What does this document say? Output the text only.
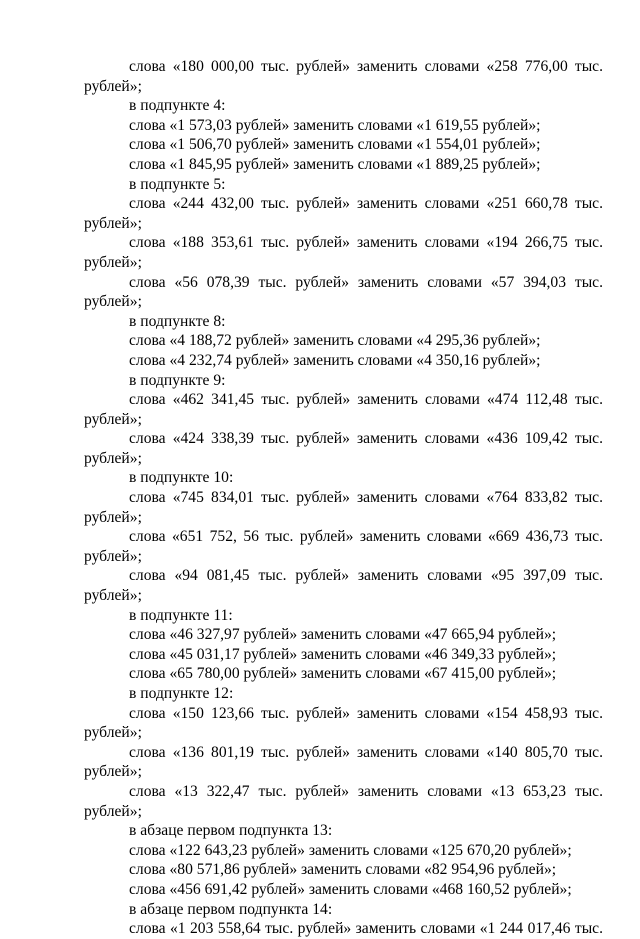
слова «180 000,00 тыс. рублей» заменить словами «258 776,00 тыс.
рублей»;
в подпункте 4:
слова «1 573,03 рублей» заменить словами «1 619,55 рублей»;
слова «1 506,70 рублей» заменить словами «1 554,01 рублей»;
слова «1 845,95 рублей» заменить словами «1 889,25 рублей»;
в подпункте 5:
слова «244 432,00 тыс. рублей» заменить словами «251 660,78 тыс.
рублей»;
слова «188 353,61 тыс. рублей» заменить словами «194 266,75 тыс.
рублей»;
слова «56 078,39 тыс. рублей» заменить словами «57 394,03 тыс.
рублей»;
в подпункте 8:
слова «4 188,72 рублей» заменить словами «4 295,36 рублей»;
слова «4 232,74 рублей» заменить словами «4 350,16 рублей»;
в подпункте 9:
слова «462 341,45 тыс. рублей» заменить словами «474 112,48 тыс.
рублей»;
слова «424 338,39 тыс. рублей» заменить словами «436 109,42 тыс.
рублей»;
в подпункте 10:
слова «745 834,01 тыс. рублей» заменить словами «764 833,82 тыс.
рублей»;
слова «651 752, 56 тыс. рублей» заменить словами «669 436,73 тыс.
рублей»;
слова «94 081,45 тыс. рублей» заменить словами «95 397,09 тыс.
рублей»;
в подпункте 11:
слова «46 327,97 рублей» заменить словами «47 665,94 рублей»;
слова «45 031,17 рублей» заменить словами «46 349,33 рублей»;
слова «65 780,00 рублей» заменить словами «67 415,00 рублей»;
в подпункте 12:
слова «150 123,66 тыс. рублей» заменить словами «154 458,93 тыс.
рублей»;
слова «136 801,19 тыс. рублей» заменить словами «140 805,70 тыс.
рублей»;
слова «13 322,47 тыс. рублей» заменить словами «13 653,23 тыс.
рублей»;
в абзаце первом подпункта 13:
слова «122 643,23 рублей» заменить словами «125 670,20 рублей»;
слова «80 571,86 рублей» заменить словами «82 954,96 рублей»;
слова «456 691,42 рублей» заменить словами «468 160,52 рублей»;
в абзаце первом подпункта 14:
слова «1 203 558,64 тыс. рублей» заменить словами «1 244 017,46 тыс.
